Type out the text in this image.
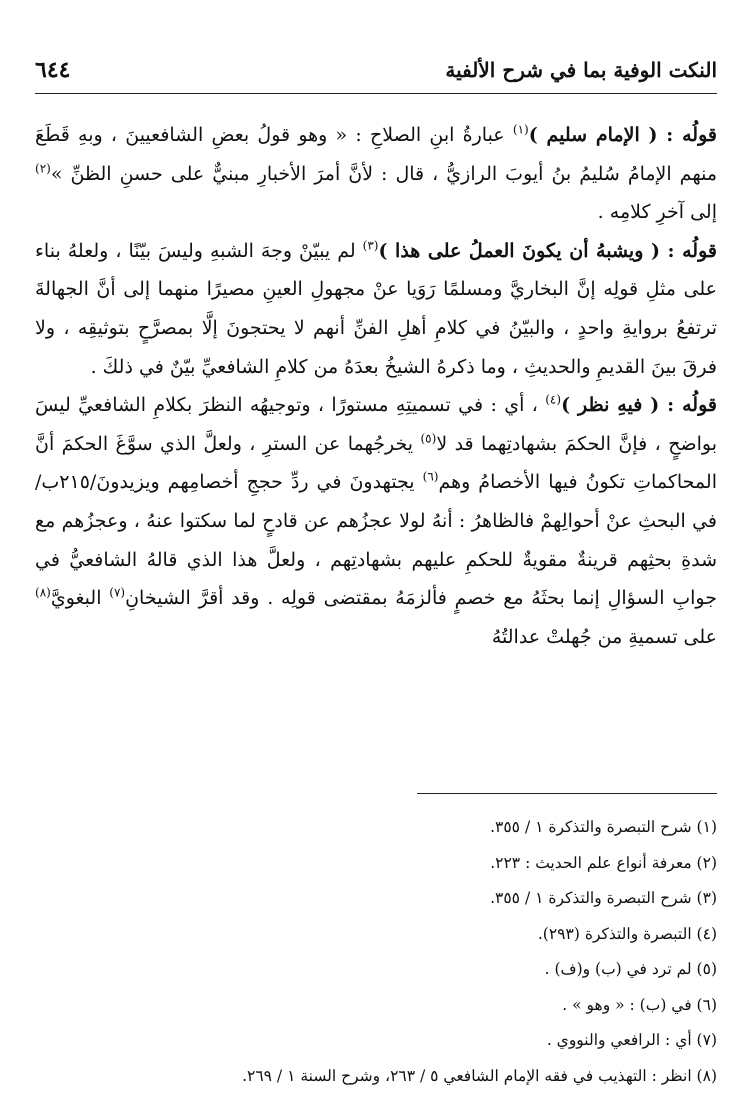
النكت الوفية بما في شرح الألفية
٦٤٤

قولُه : ( الإمام سليم )$^{(١)}$ عبارةُ ابنِ الصلاحِ : « وهو قولُ بعضِ الشافعيينَ ، وبهِ قَطَعَ منهم الإمامُ سُليمُ بنُ أيوبَ الرازيُّ ، قال : لأنَّ أمرَ الأخبارِ مبنيٌّ على حسنِ الظنِّ »$^{(٢)}$ إلى آخرِ كلامِه .

قولُه : ( ويشبهُ أن يكونَ العملُ على هذا )$^{(٣)}$ لم يبيّنْ وجهَ الشبهِ وليسَ بيّنًا ، ولعلهُ بناء على مثلِ قولِه إنَّ البخاريَّ ومسلمًا رَوَيا عنْ مجهولِ العينِ مصيرًا منهما إلى أنَّ الجهالةَ ترتفعُ بروايةِ واحدٍ ، والبيّنُ في كلامِ أهلِ الفنِّ أنهم لا يحتجونَ إلَّا بمصرَّحٍ بتوثيقِه ، ولا فرقَ بينَ القديمِ والحديثِ ، وما ذكرهُ الشيخُ بعدَهُ من كلامِ الشافعيِّ بيّنٌ في ذلكَ .

قولُه : ( فيهِ نظر )$^{(٤)}$ ، أي : في تسميتِهِ مستورًا ، وتوجيهُه النظرَ بكلامِ الشافعيِّ ليسَ بواضحٍ ، فإنَّ الحكمَ بشهادتِهما قد لا$^{(٥)}$ يخرجُهما عن السترِ ، ولعلَّ الذي سوَّغَ الحكمَ أنَّ المحاكماتِ تكونُ فيها الأخصامُ وهم$^{(٦)}$ يجتهدونَ في ردِّ حججِ أخصامِهم ويزيدونَ/٢١٥ب/ في البحثِ عنْ أحوالِهمْ فالظاهرُ : أنهُ لولا عجزُهم عن قادحٍ لما سكتوا عنهُ ، وعجزُهم مع شدةِ بحثِهم قرينةٌ مقويةٌ للحكمِ عليهم بشهادتِهم ، ولعلَّ هذا الذي قالهُ الشافعيُّ في جوابِ السؤالِ إنما بحثَهُ مع خصمٍ فألزمَهُ بمقتضى قولِه . وقد أقرَّ الشيخانِ$^{(٧)}$ البغويَّ$^{(٨)}$ على تسميةِ من جُهلتْ عدالتُهُ

(١) شرح التبصرة والتذكرة ١ / ٣٥٥.
(٢) معرفة أنواع علم الحديث : ٢٢٣.
(٣) شرح التبصرة والتذكرة ١ / ٣٥٥.
(٤) التبصرة والتذكرة (٢٩٣).
(٥) لم ترد في (ب) و(ف) .
(٦) في (ب) : « وهو » .
(٧) أي : الرافعي والنووي .
(٨) انظر : التهذيب في فقه الإمام الشافعي ٥ / ٢٦٣، وشرح السنة ١ / ٢٦٩.
